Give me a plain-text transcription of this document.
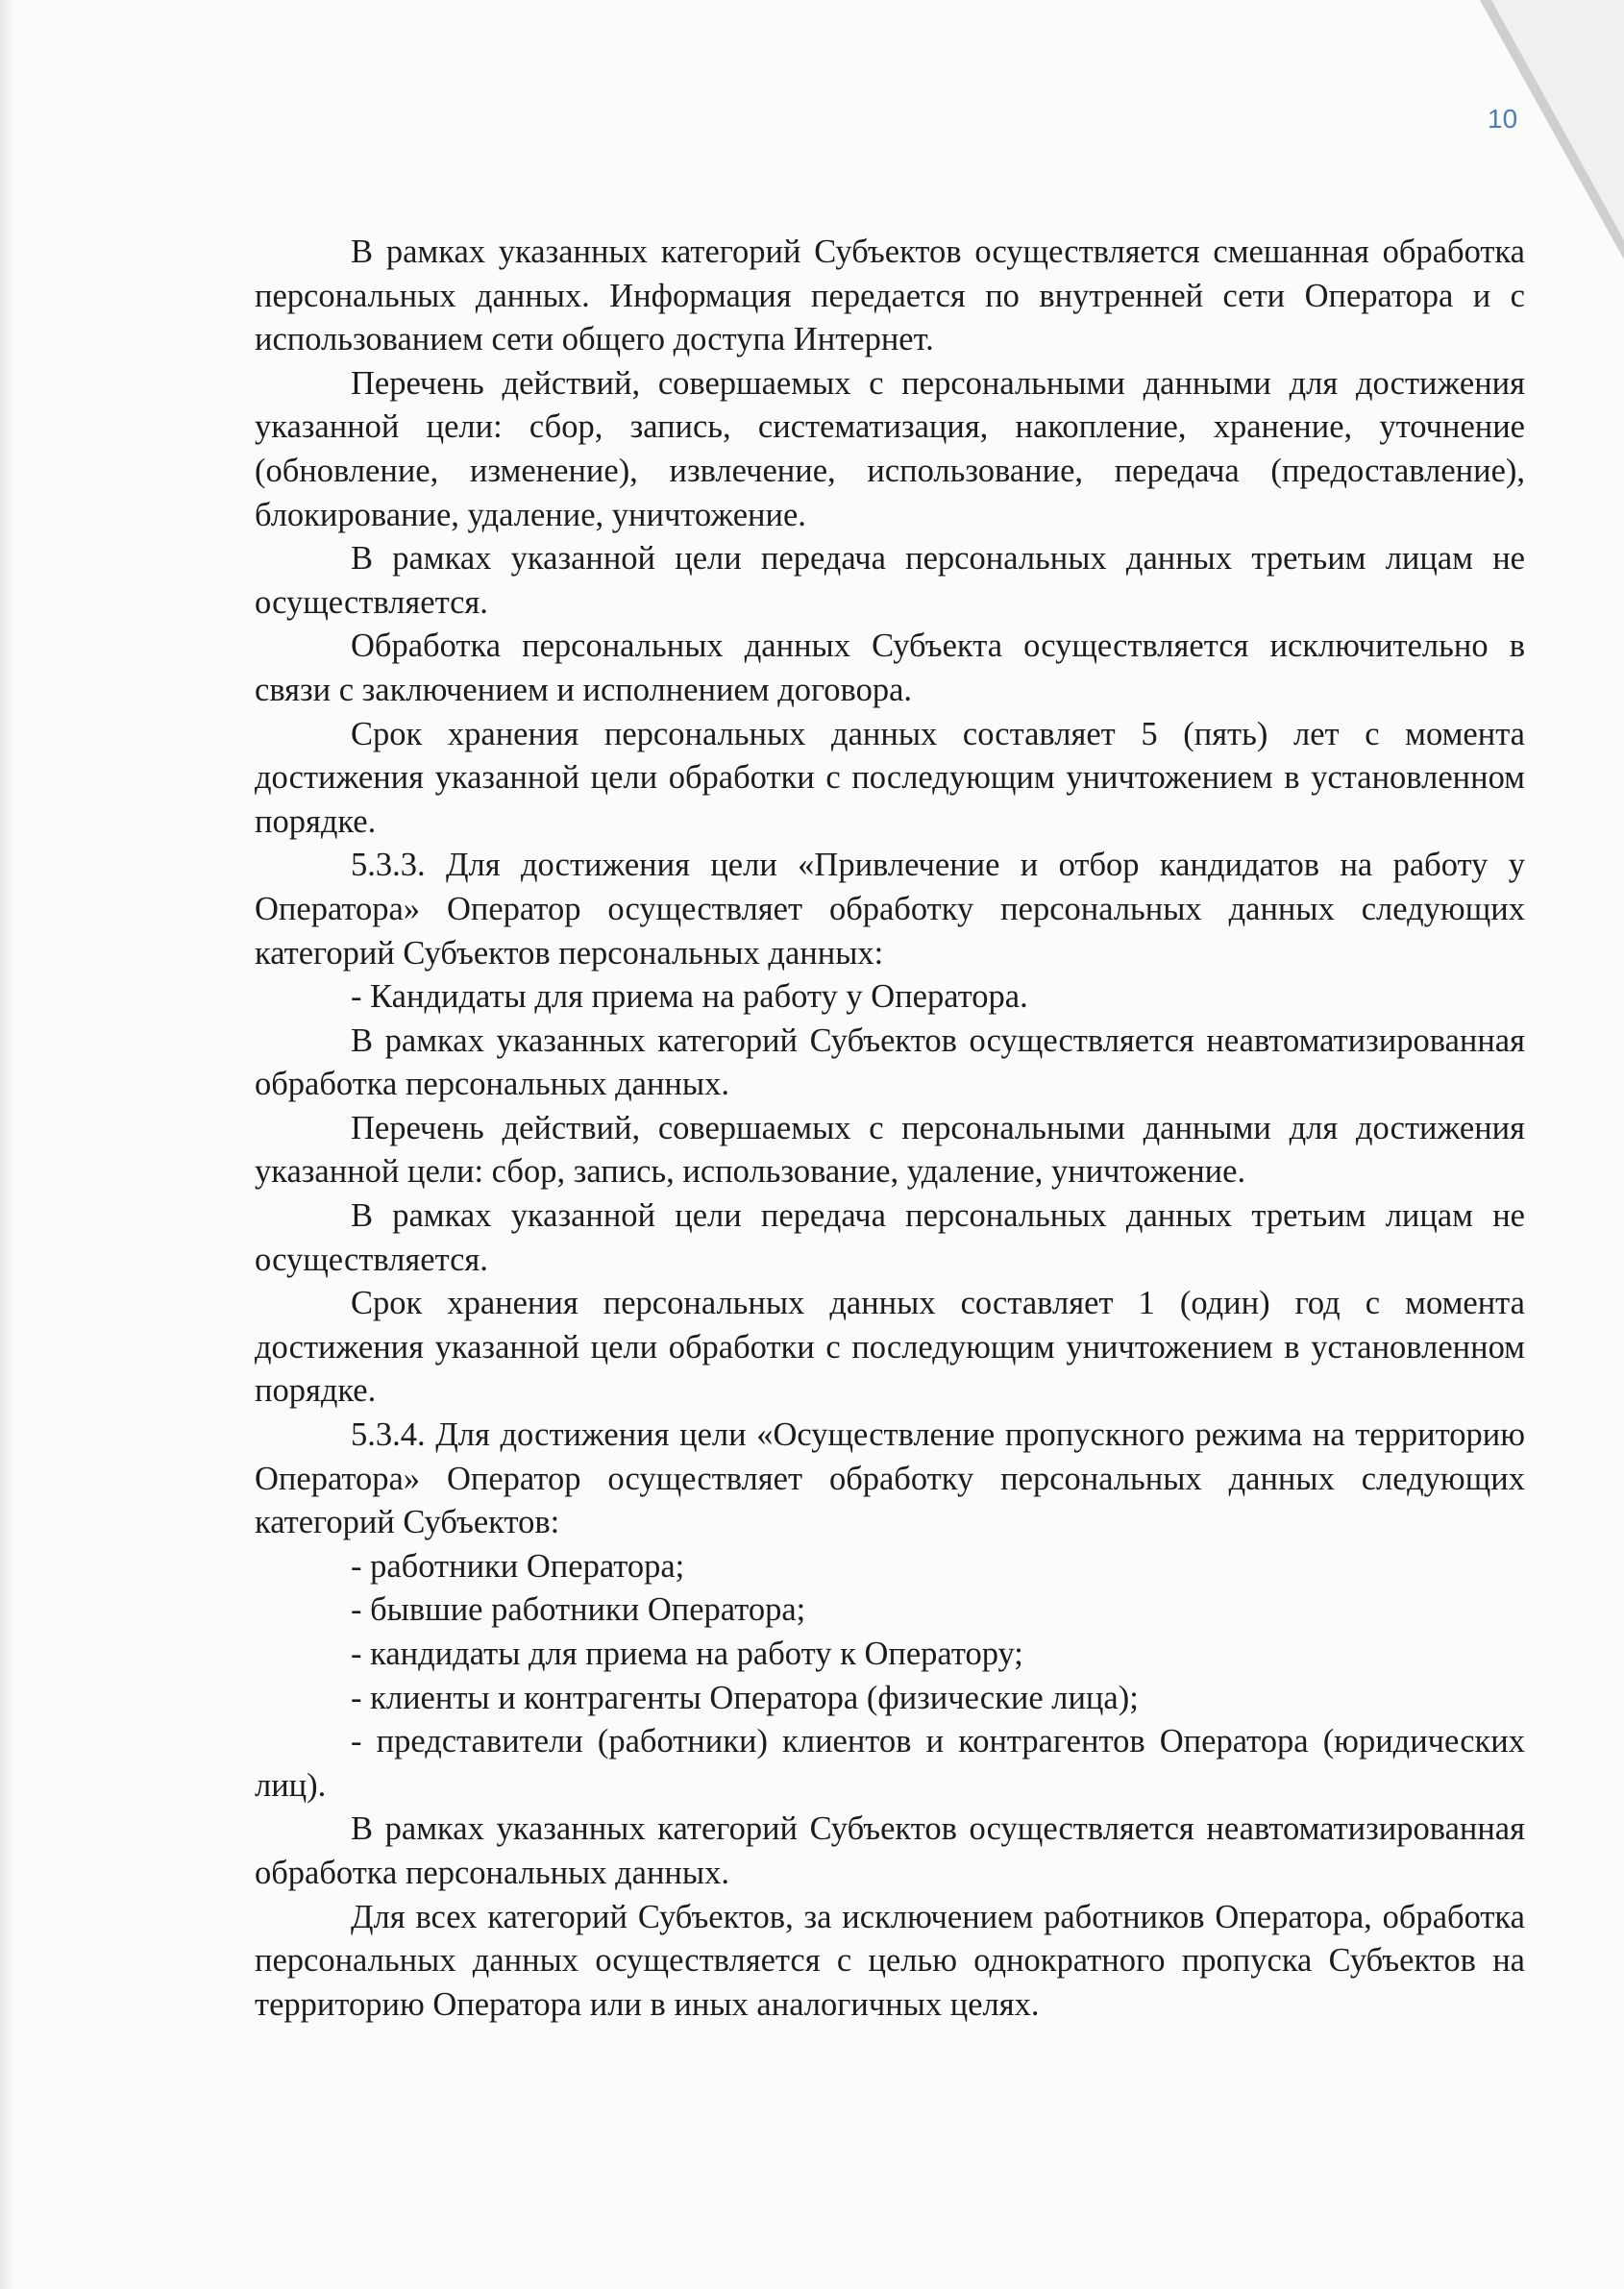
10

В рамках указанных категорий Субъектов осуществляется смешанная обработка персональных данных. Информация передается по внутренней сети Оператора и с использованием сети общего доступа Интернет.

Перечень действий, совершаемых с персональными данными для достижения указанной цели: сбор, запись, систематизация, накопление, хранение, уточнение (обновление, изменение), извлечение, использование, передача (предоставление), блокирование, удаление, уничтожение.

В рамках указанной цели передача персональных данных третьим лицам не осуществляется.

Обработка персональных данных Субъекта осуществляется исключительно в связи с заключением и исполнением договора.

Срок хранения персональных данных составляет 5 (пять) лет с момента достижения указанной цели обработки с последующим уничтожением в установленном порядке.

5.3.3. Для достижения цели «Привлечение и отбор кандидатов на работу у Оператора» Оператор осуществляет обработку персональных данных следующих категорий Субъектов персональных данных:

- Кандидаты для приема на работу у Оператора.

В рамках указанных категорий Субъектов осуществляется неавтоматизированная обработка персональных данных.

Перечень действий, совершаемых с персональными данными для достижения указанной цели: сбор, запись, использование, удаление, уничтожение.

В рамках указанной цели передача персональных данных третьим лицам не осуществляется.

Срок хранения персональных данных составляет 1 (один) год с момента достижения указанной цели обработки с последующим уничтожением в установленном порядке.

5.3.4. Для достижения цели «Осуществление пропускного режима на территорию Оператора» Оператор осуществляет обработку персональных данных следующих категорий Субъектов:

- работники Оператора;

- бывшие работники Оператора;

- кандидаты для приема на работу к Оператору;

- клиенты и контрагенты Оператора (физические лица);

- представители (работники) клиентов и контрагентов Оператора (юридических лиц).

В рамках указанных категорий Субъектов осуществляется неавтоматизированная обработка персональных данных.

Для всех категорий Субъектов, за исключением работников Оператора, обработка персональных данных осуществляется с целью однократного пропуска Субъектов на территорию Оператора или в иных аналогичных целях.
